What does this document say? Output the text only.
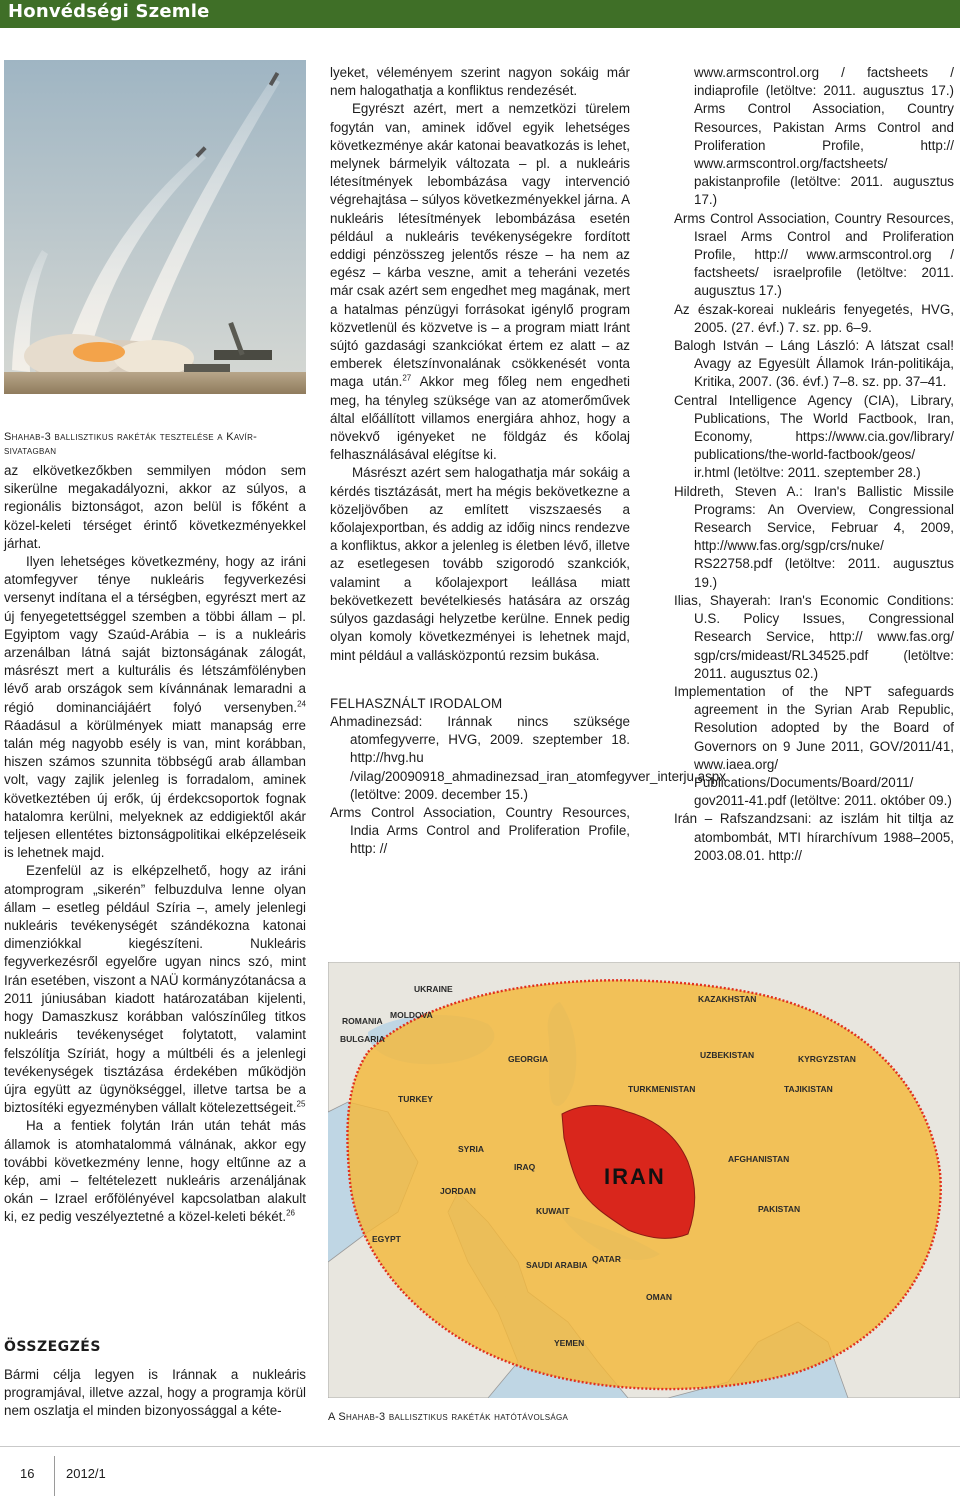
Honvédségi Szemle
Shahab-3 ballisztikus rakéták tesztelése a Kavír-sivatagban

az elkövetkezőkben semmilyen módon sem sikerülne megakadályozni, akkor az súlyos, a regionális biztonságot, azon belül is főként a közel-keleti térséget érintő következményekkel járhat.

Ilyen lehetséges következmény, hogy az iráni atomfegyver ténye nukleáris fegyverkezési versenyt indítana el a térségben, egyrészt mert az új fenyegetettséggel szemben a többi állam – pl. Egyiptom vagy Szaúd-Arábia – is a nukleáris arzenálban látná saját biztonságának zálogát, másrészt mert a kulturális és létszámfölényben lévő arab országok sem kívánnának lemaradni a régió dominanciájáért folyó versenyben.$^{24}$ Ráadásul a körülmények miatt manapság erre talán még nagyobb esély is van, mint korábban, hiszen számos szunnita többségű arab államban volt, vagy zajlik jelenleg is forradalom, aminek következtében új erők, új érdekcsoportok fognak hatalomra kerülni, melyeknek az eddigiektől akár teljesen ellentétes biztonságpolitikai elképzeléseik is lehetnek majd.

Ezenfelül az is elképzelhető, hogy az iráni atomprogram „sikerén” felbuzdulva lenne olyan állam – esetleg például Szíria –, amely jelenlegi nukleáris tevékenységét szándékozna katonai dimenziókkal kiegészíteni. Nukleáris fegyverkezésről egyelőre ugyan nincs szó, mint Irán esetében, viszont a NAÜ kormányzótanácsa a 2011 júniusában kiadott határozatában kijelenti, hogy Damaszkusz korábban valószínűleg titkos nukleáris tevékenységet folytatott, valamint felszólítja Szíriát, hogy a múltbéli és a jelenlegi tevékenységek tisztázása érdekében működjön újra együtt az ügynökséggel, illetve tartsa be a biztosítéki egyezményben vállalt kötelezettségeit.$^{25}$

Ha a fentiek folytán Irán után tehát más államok is atomhatalommá válnának, akkor egy további következmény lenne, hogy eltűnne az a kép, ami – feltételezett nukleáris arzenáljának okán – Izrael erőfölényével kapcsolatban alakult ki, ez pedig veszélyeztetné a közel-keleti békét.$^{26}$

ÖSSZEGZÉS

Bármi célja legyen is Iránnak a nukleáris programjával, illetve azzal, hogy a programja körül nem oszlatja el minden bizonyossággal a kéte-

lyeket, véleményem szerint nagyon sokáig már nem halogathatja a konfliktus rendezését.

Egyrészt azért, mert a nemzetközi türelem fogytán van, aminek idővel egyik lehetséges következménye akár katonai beavatkozás is lehet, melynek bármelyik változata – pl. a nukleáris létesítmények lebombázása vagy intervenció végrehajtása – súlyos következményekkel járna. A nukleáris létesítmények lebombázása esetén például a nukleáris tevékenységekre fordított eddigi pénzösszeg jelentős része – ha nem az egész – kárba veszne, amit a teheráni vezetés már csak azért sem engedhet meg magának, mert a hatalmas pénzügyi forrásokat igénylő program közvetlenül és közvetve is – a program miatt Iránt sújtó gazdasági szankciókat értem ez alatt – az emberek életszínvonalának csökkenését vonta maga után.$^{27}$ Akkor meg főleg nem engedheti meg, ha tényleg szüksége van az atomerőművek által előállított villamos energiára ahhoz, hogy a növekvő igényeket ne földgáz és kőolaj felhasználásával elégítse ki.

Másrészt azért sem halogathatja már sokáig a kérdés tisztázását, mert ha mégis bekövetkezne a közeljövőben az említett viszszaesés a kőolajexportban, és addig az időig nincs rendezve a konfliktus, akkor a jelenleg is életben lévő, illetve az esetlegesen tovább szigorodó szankciók, valamint a kőolajexport leállása miatt bekövetkezett bevételkiesés hatására az ország súlyos gazdasági helyzetbe kerülne. Ennek pedig olyan komoly következményei is lehetnek majd, mint például a vallásközpontú rezsim bukása.

FELHASZNÁLT IRODALOM

Ahmadinezsád: Iránnak nincs szüksége atomfegyverre, HVG, 2009. szeptember 18. http://hvg.hu /vilag/20090918_ahmadinezsad_iran_atomfegyver_interju.aspx (letöltve: 2009. december 15.)

Arms Control Association, Country Resources, India Arms Control and Proliferation Profile, http: //

www.armscontrol.org / factsheets / indiaprofile (letöltve: 2011. augusztus 17.) Arms Control Association, Country Resources, Pakistan Arms Control and Proliferation Profile, http:// www.armscontrol.org/factsheets/ pakistanprofile (letöltve: 2011. augusztus 17.)

Arms Control Association, Country Resources, Israel Arms Control and Proliferation Profile, http:// www.armscontrol.org / factsheets/ israelprofile (letöltve: 2011. augusztus 17.)

Az észak-koreai nukleáris fenyegetés, HVG, 2005. (27. évf.) 7. sz. pp. 6–9.

Balogh István – Láng László: A látszat csal! Avagy az Egyesült Államok Irán-politikája, Kritika, 2007. (36. évf.) 7–8. sz. pp. 37–41.

Central Intelligence Agency (CIA), Library, Publications, The World Factbook, Iran, Economy, https://www.cia.gov/library/ publications/the-world-factbook/geos/ ir.html (letöltve: 2011. szeptember 28.)

Hildreth, Steven A.: Iran's Ballistic Missile Programs: An Overview, Congressional Research Service, Februar 4, 2009, http://www.fas.org/sgp/crs/nuke/ RS22758.pdf (letöltve: 2011. augusztus 19.)

Ilias, Shayerah: Iran's Economic Conditions: U.S. Policy Issues, Congressional Research Service, http:// www.fas.org/ sgp/crs/mideast/RL34525.pdf (letöltve: 2011. augusztus 02.)

Implementation of the NPT safeguards agreement in the Syrian Arab Republic, Resolution adopted by the Board of Governors on 9 June 2011, GOV/2011/41, www.iaea.org/ Publications/Documents/Board/2011/ gov2011-41.pdf (letöltve: 2011. október 09.)

Irán – Rafszandzsani: az iszlám hit tiltja az atombombát, MTI hírarchívum 1988–2005, 2003.08.01. http://

MOLDOVA
UKRAINE
ROMANIA
BULGARIA
KAZAKHSTAN
UZBEKISTAN
TURKMENISTAN
KYRGYZSTAN
TAJIKISTAN
AFGHANISTAN
PAKISTAN
GEORGIA
TURKEY
SYRIA
IRAQ	IRAN
JORDAN
KUWAIT
SAUDI ARABIA
QATAR
EGYPT
YEMEN
OMAN
A Shahab-3 ballisztikus rakéták hatótávolsága
16 2012/1
